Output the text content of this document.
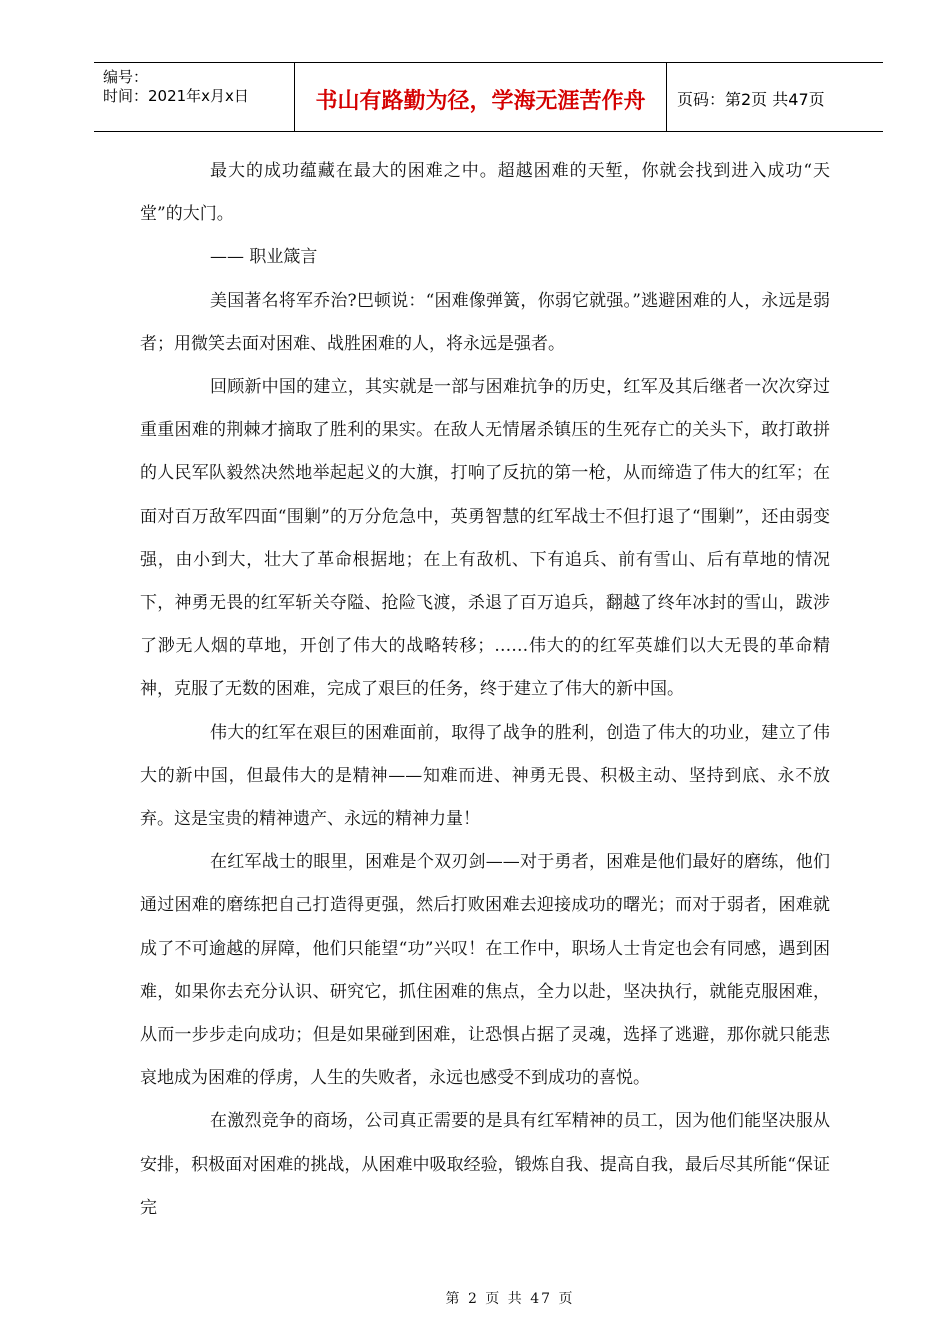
编号：
时间：2021年x月x日	书山有路勤为径，学海无涯苦作舟	页码：第2页 共47页

最大的成功蕴藏在最大的困难之中。超越困难的天堑，你就会找到进入成功“天堂”的大门。

—— 职业箴言

美国著名将军乔治?巴顿说：“困难像弹簧，你弱它就强。”逃避困难的人，永远是弱者；用微笑去面对困难、战胜困难的人，将永远是强者。

回顾新中国的建立，其实就是一部与困难抗争的历史，红军及其后继者一次次穿过重重困难的荆棘才摘取了胜利的果实。在敌人无情屠杀镇压的生死存亡的关头下，敢打敢拼的人民军队毅然决然地举起起义的大旗，打响了反抗的第一枪，从而缔造了伟大的红军；在面对百万敌军四面“围剿”的万分危急中，英勇智慧的红军战士不但打退了“围剿”，还由弱变强，由小到大，壮大了革命根据地；在上有敌机、下有追兵、前有雪山、后有草地的情况下，神勇无畏的红军斩关夺隘、抢险飞渡，杀退了百万追兵，翻越了终年冰封的雪山，跋涉了渺无人烟的草地，开创了伟大的战略转移；……伟大的的红军英雄们以大无畏的革命精神，克服了无数的困难，完成了艰巨的任务，终于建立了伟大的新中国。

伟大的红军在艰巨的困难面前，取得了战争的胜利，创造了伟大的功业，建立了伟大的新中国，但最伟大的是精神——知难而进、神勇无畏、积极主动、坚持到底、永不放弃。这是宝贵的精神遗产、永远的精神力量！

在红军战士的眼里，困难是个双刃剑——对于勇者，困难是他们最好的磨练，他们通过困难的磨练把自己打造得更强，然后打败困难去迎接成功的曙光；而对于弱者，困难就成了不可逾越的屏障，他们只能望“功”兴叹！在工作中，职场人士肯定也会有同感，遇到困难，如果你去充分认识、研究它，抓住困难的焦点，全力以赴，坚决执行，就能克服困难，从而一步步走向成功；但是如果碰到困难，让恐惧占据了灵魂，选择了逃避，那你就只能悲哀地成为困难的俘虏，人生的失败者，永远也感受不到成功的喜悦。

在激烈竞争的商场，公司真正需要的是具有红军精神的员工，因为他们能坚决服从安排，积极面对困难的挑战，从困难中吸取经验，锻炼自我、提高自我，最后尽其所能“保证完

第 2 页 共 47 页
